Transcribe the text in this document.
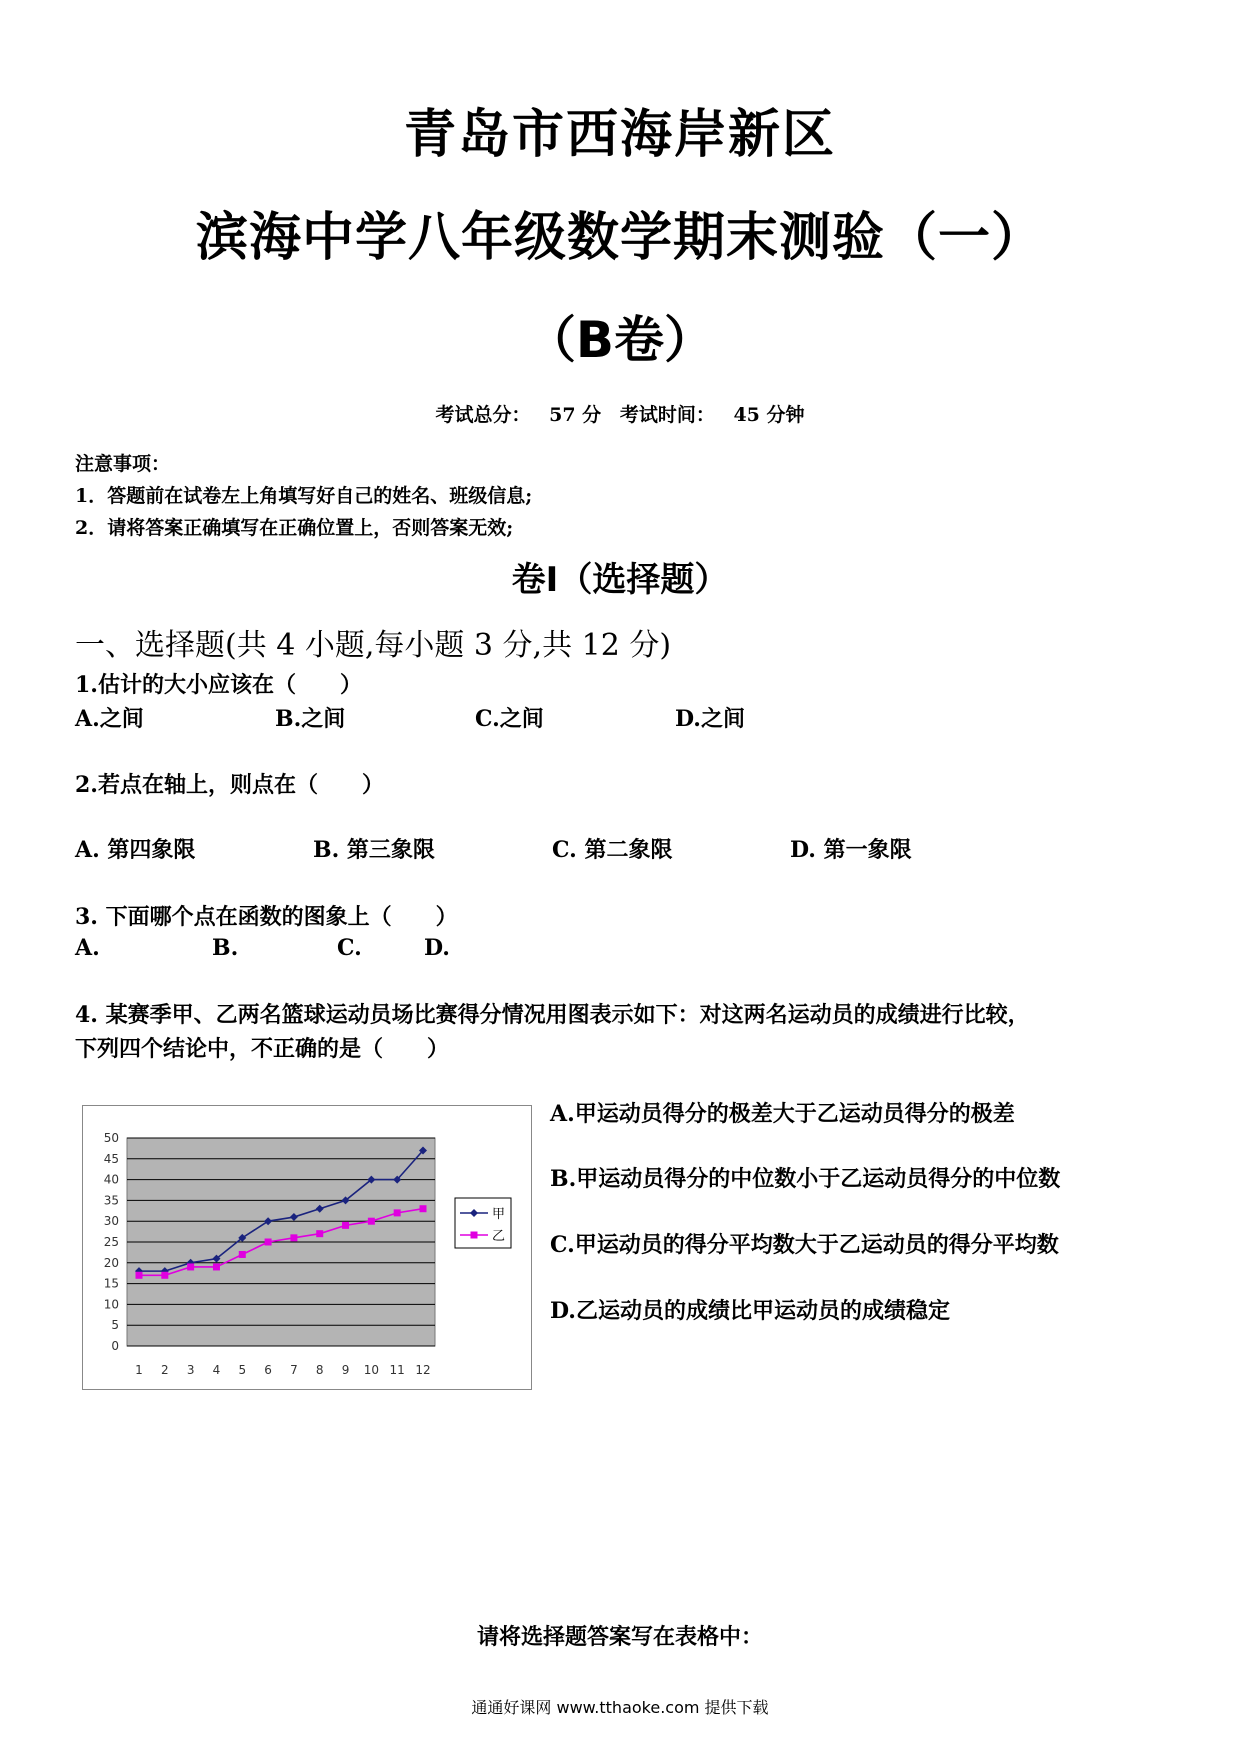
青岛市西海岸新区
滨海中学八年级数学期末测验（一）
（B卷）
考试总分： 57 分 考试时间： 45 分钟
注意事项：
1．答题前在试卷左上角填写好自己的姓名、班级信息;
2．请将答案正确填写在正确位置上，否则答案无效;
卷Ⅰ（选择题）
一、选择题(共 4 小题,每小题 3 分,共 12 分)
1.估计的大小应该在（　　）
A.之间	B.之间	C.之间	D.之间
2.若点在轴上，则点在（　　）
A. 第四象限	B. 第三象限	C. 第二象限	D. 第一象限
3. 下面哪个点在函数的图象上（　　）
A.	B.	C.	D.
4. 某赛季甲、乙两名篮球运动员场比赛得分情况用图表示如下：对这两名运动员的成绩进行比较，
下列四个结论中，不正确的是（　　）
0
5
10
15
20
25
30
35
40
45
50
1 2 3 4 5 6 7 8 9 10 11 12
甲
乙
A.甲运动员得分的极差大于乙运动员得分的极差
B.甲运动员得分的中位数小于乙运动员得分的中位数
C.甲运动员的得分平均数大于乙运动员的得分平均数
D.乙运动员的成绩比甲运动员的成绩稳定
请将选择题答案写在表格中：
通通好课网 www.tthaoke.com 提供下载
